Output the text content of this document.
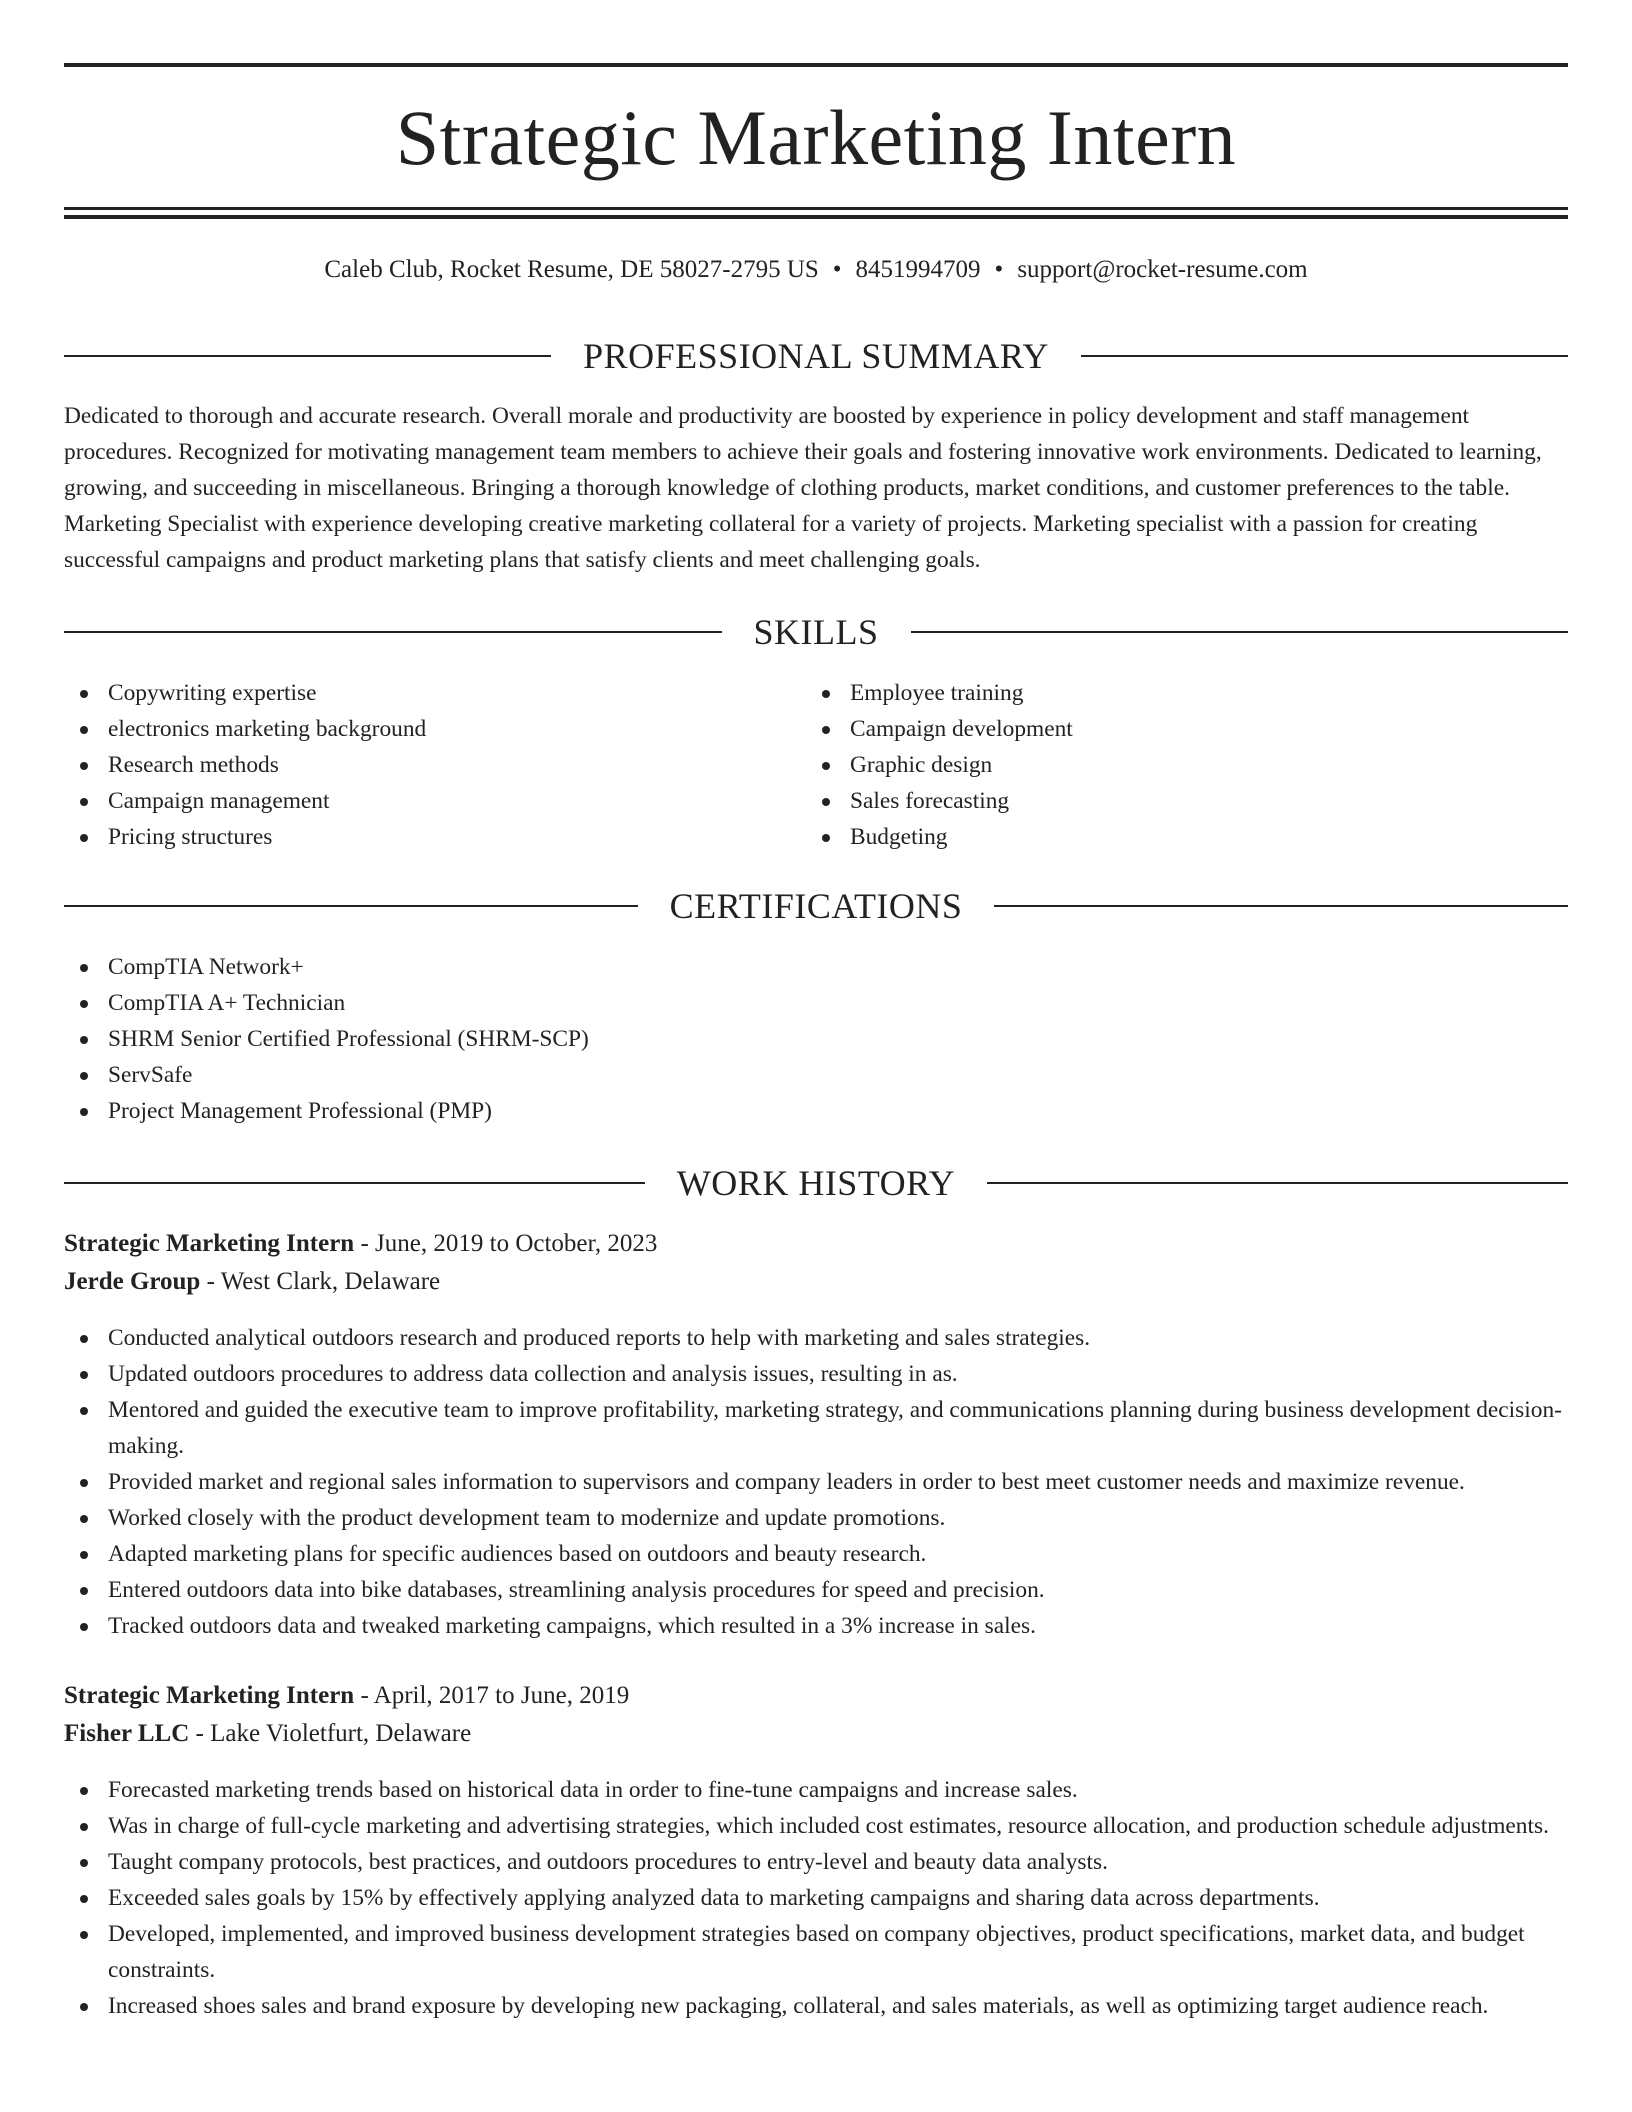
Strategic Marketing Intern
Caleb Club, Rocket Resume, DE 58027-2795 US • 8451994709 • support@rocket-resume.com
PROFESSIONAL SUMMARY

Dedicated to thorough and accurate research. Overall morale and productivity are boosted by experience in policy development and staff management procedures. Recognized for motivating management team members to achieve their goals and fostering innovative work environments. Dedicated to learning, growing, and succeeding in miscellaneous. Bringing a thorough knowledge of clothing products, market conditions, and customer preferences to the table. Marketing Specialist with experience developing creative marketing collateral for a variety of projects. Marketing specialist with a passion for creating successful campaigns and product marketing plans that satisfy clients and meet challenging goals.

SKILLS
Copywriting expertise
electronics marketing background
Research methods
Campaign management
Pricing structures
Employee training
Campaign development
Graphic design
Sales forecasting
Budgeting
CERTIFICATIONS
CompTIA Network+
CompTIA A+ Technician
SHRM Senior Certified Professional (SHRM-SCP)
ServSafe
Project Management Professional (PMP)
WORK HISTORY
Strategic Marketing Intern - June, 2019 to October, 2023
Jerde Group - West Clark, Delaware
Conducted analytical outdoors research and produced reports to help with marketing and sales strategies.
Updated outdoors procedures to address data collection and analysis issues, resulting in as.
Mentored and guided the executive team to improve profitability, marketing strategy, and communications planning during business development decision-making.
Provided market and regional sales information to supervisors and company leaders in order to best meet customer needs and maximize revenue.
Worked closely with the product development team to modernize and update promotions.
Adapted marketing plans for specific audiences based on outdoors and beauty research.
Entered outdoors data into bike databases, streamlining analysis procedures for speed and precision.
Tracked outdoors data and tweaked marketing campaigns, which resulted in a 3% increase in sales.
Strategic Marketing Intern - April, 2017 to June, 2019
Fisher LLC - Lake Violetfurt, Delaware
Forecasted marketing trends based on historical data in order to fine-tune campaigns and increase sales.
Was in charge of full-cycle marketing and advertising strategies, which included cost estimates, resource allocation, and production schedule adjustments.
Taught company protocols, best practices, and outdoors procedures to entry-level and beauty data analysts.
Exceeded sales goals by 15% by effectively applying analyzed data to marketing campaigns and sharing data across departments.
Developed, implemented, and improved business development strategies based on company objectives, product specifications, market data, and budget constraints.
Increased shoes sales and brand exposure by developing new packaging, collateral, and sales materials, as well as optimizing target audience reach.
